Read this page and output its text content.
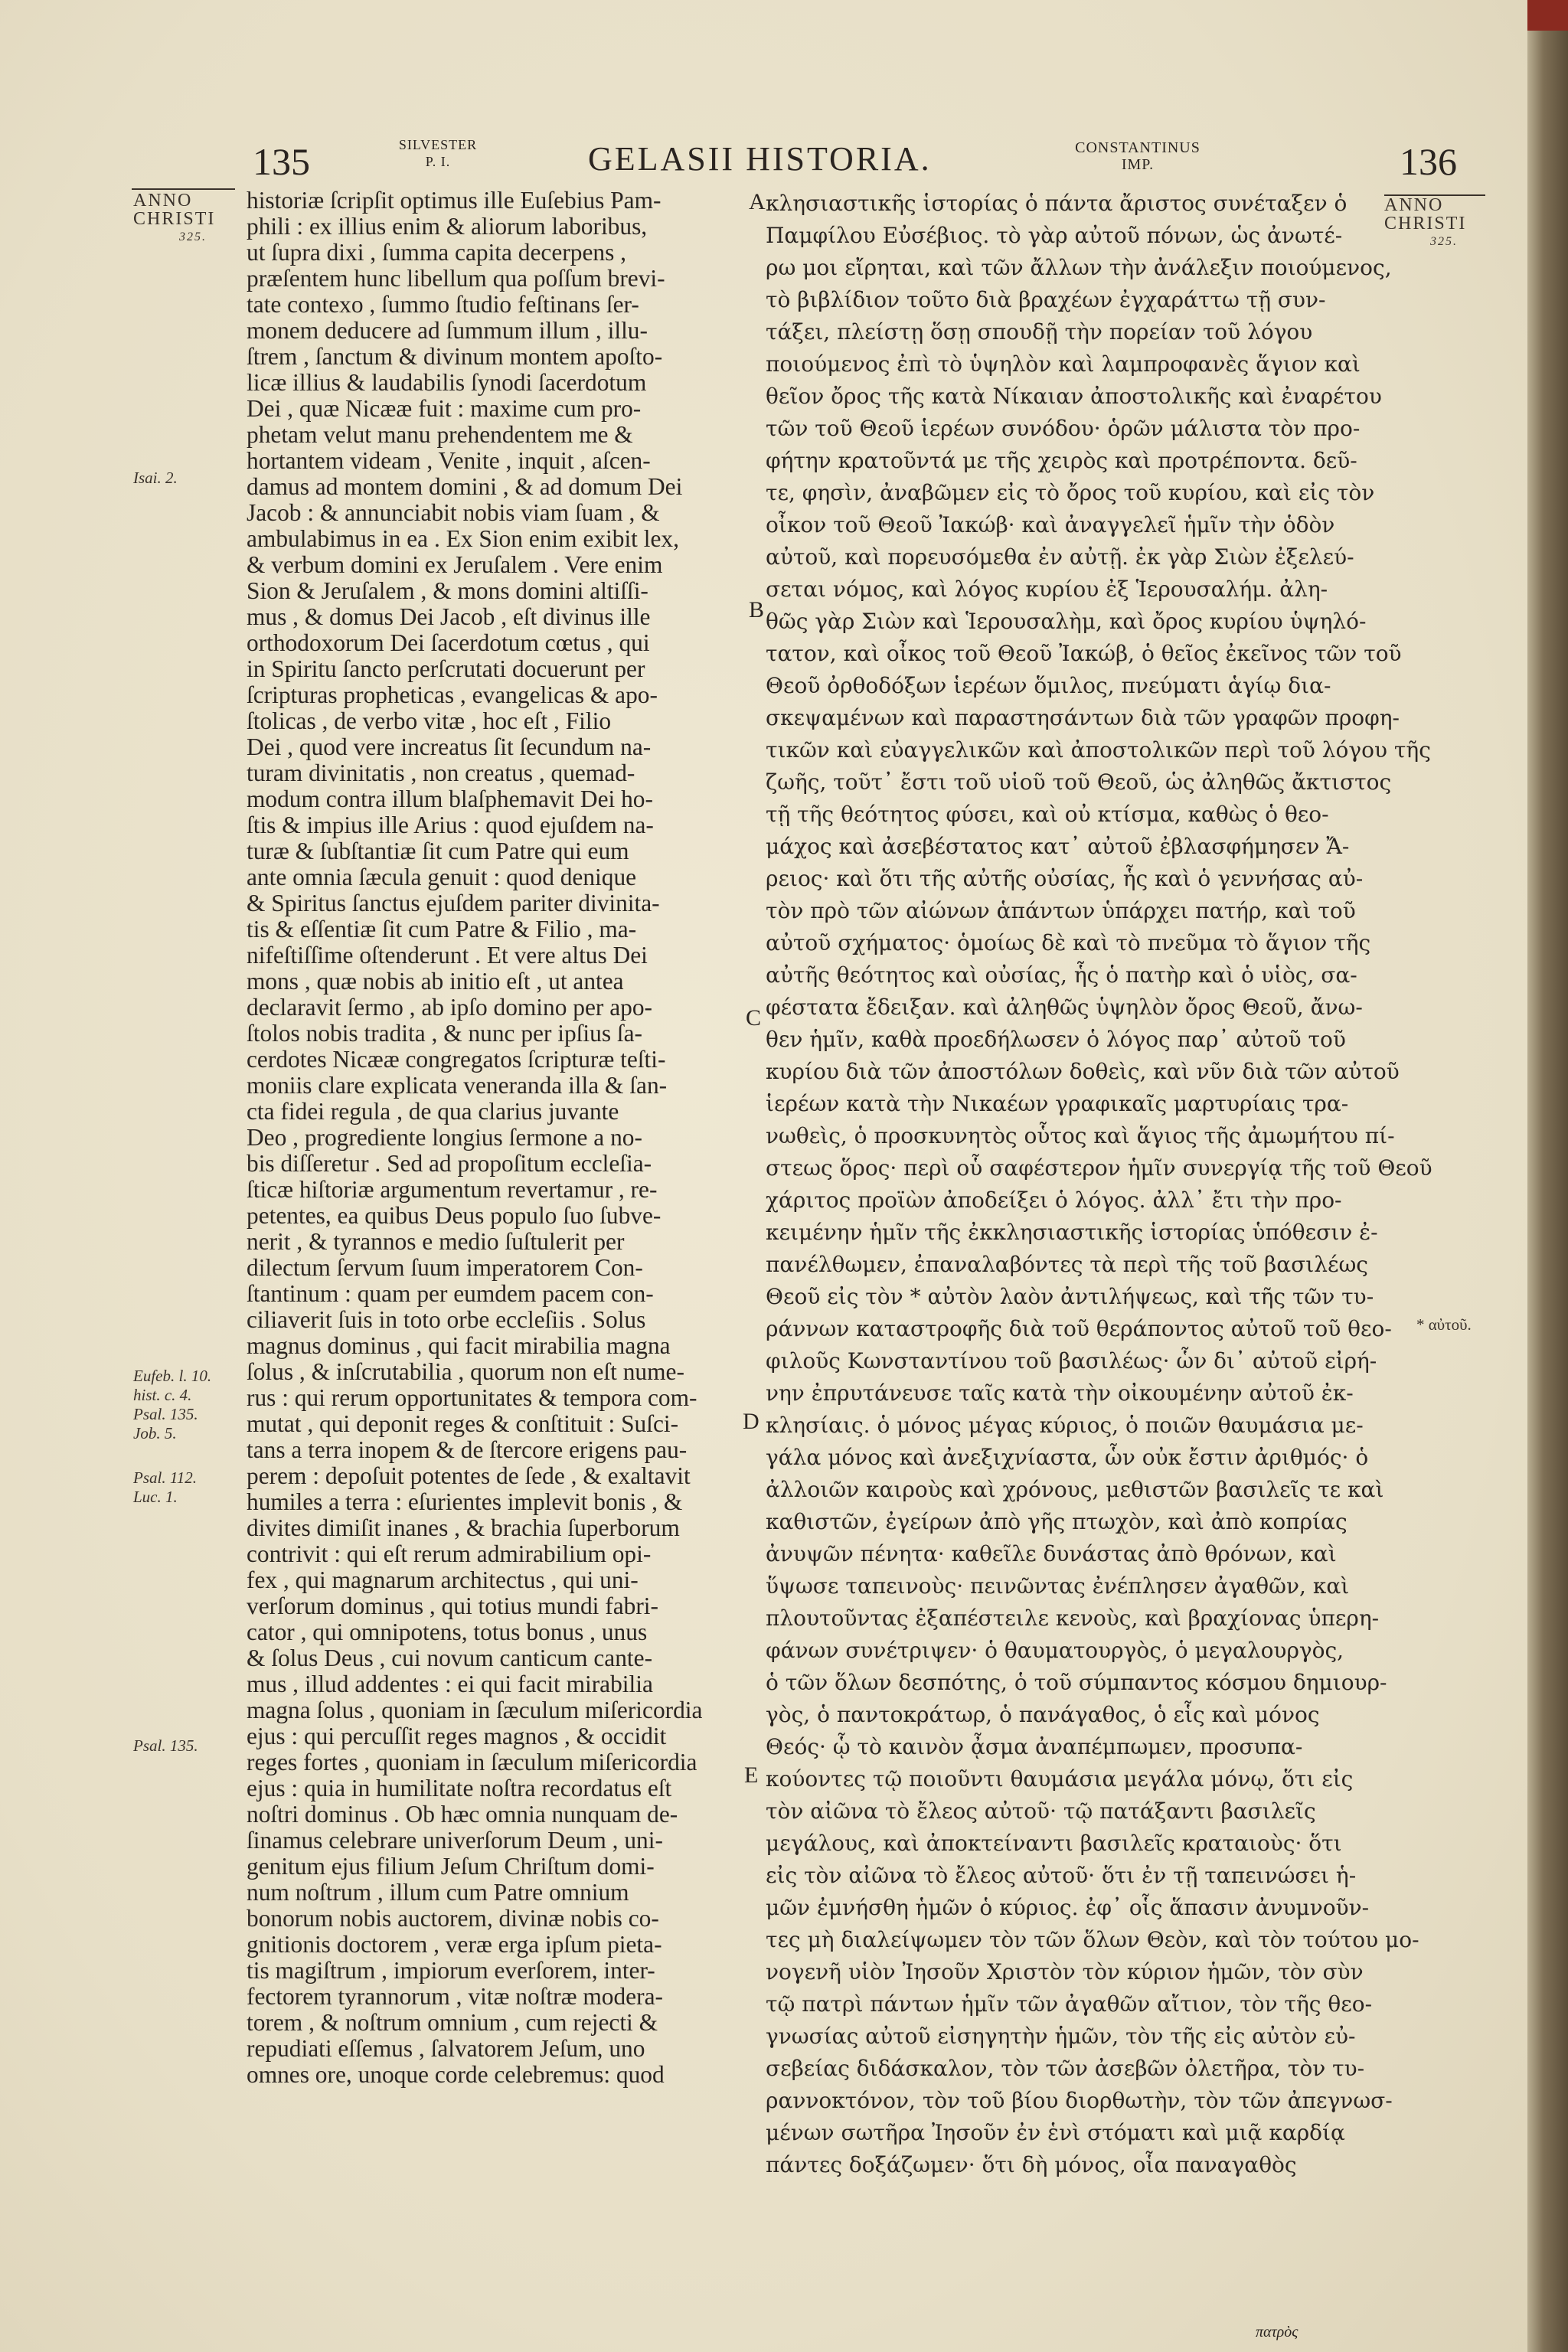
135	SILVESTER
P. I.	GELASII HISTORIA.	CONSTANTINUS
IMP.	136
ANNO
CHRISTI
325.
ANNO
CHRISTI
325.
Isai. 2.
Eufeb. l. 10.
hist. c. 4.
Psal. 135.
Job. 5.
Psal. 112.
Luc. 1.
Psal. 135.
* αὐτοῦ.
A
B
C
D
E
historiæ ſcripſit optimus ille Euſebius Pam-
phili : ex illius enim & aliorum laboribus,
ut ſupra dixi , ſumma capita decerpens ,
præſentem hunc libellum qua poſſum brevi-
tate contexo , ſummo ſtudio feſtinans ſer-
monem deducere ad ſummum illum , illu-
ſtrem , ſanctum & divinum montem apoſto-
licæ illius & laudabilis ſynodi ſacerdotum
Dei , quæ Nicææ fuit : maxime cum pro-
phetam velut manu prehendentem me &
hortantem videam , Venite , inquit , aſcen-
damus ad montem domini , & ad domum Dei
Jacob : & annunciabit nobis viam ſuam , &
ambulabimus in ea . Ex Sion enim exibit lex,
& verbum domini ex Jeruſalem . Vere enim
Sion & Jeruſalem , & mons domini altiſſi-
mus , & domus Dei Jacob , eſt divinus ille
orthodoxorum Dei ſacerdotum cœtus , qui
in Spiritu ſancto perſcrutati docuerunt per
ſcripturas propheticas , evangelicas & apo-
ſtolicas , de verbo vitæ , hoc eſt , Filio
Dei , quod vere increatus ſit ſecundum na-
turam divinitatis , non creatus , quemad-
modum contra illum blaſphemavit Dei ho-
ſtis & impius ille Arius : quod ejuſdem na-
turæ & ſubſtantiæ ſit cum Patre qui eum
ante omnia ſæcula genuit : quod denique
& Spiritus ſanctus ejuſdem pariter divinita-
tis & eſſentiæ ſit cum Patre & Filio , ma-
nifeſtiſſime oſtenderunt . Et vere altus Dei
mons , quæ nobis ab initio eſt , ut antea
declaravit ſermo , ab ipſo domino per apo-
ſtolos nobis tradita , & nunc per ipſius ſa-
cerdotes Nicææ congregatos ſcripturæ teſti-
moniis clare explicata veneranda illa & ſan-
cta fidei regula , de qua clarius juvante
Deo , progrediente longius ſermone a no-
bis diſſeretur . Sed ad propoſitum eccleſia-
ſticæ hiſtoriæ argumentum revertamur , re-
petentes, ea quibus Deus populo ſuo ſubve-
nerit , & tyrannos e medio ſuſtulerit per
dilectum ſervum ſuum imperatorem Con-
ſtantinum : quam per eumdem pacem con-
ciliaverit ſuis in toto orbe eccleſiis . Solus
magnus dominus , qui facit mirabilia magna
ſolus , & inſcrutabilia , quorum non eſt nume-
rus : qui rerum opportunitates & tempora com-
mutat , qui deponit reges & conſtituit : Suſci-
tans a terra inopem & de ſtercore erigens pau-
perem : depoſuit potentes de ſede , & exaltavit
humiles a terra : eſurientes implevit bonis , &
divites dimiſit inanes , & brachia ſuperborum
contrivit : qui eſt rerum admirabilium opi-
fex , qui magnarum architectus , qui uni-
verſorum dominus , qui totius mundi fabri-
cator , qui omnipotens, totus bonus , unus
& ſolus Deus , cui novum canticum cante-
mus , illud addentes : ei qui facit mirabilia
magna ſolus , quoniam in ſæculum miſericordia
ejus : qui percuſſit reges magnos , & occidit
reges fortes , quoniam in ſæculum miſericordia
ejus : quia in humilitate noſtra recordatus eſt
noſtri dominus . Ob hæc omnia nunquam de-
ſinamus celebrare univerſorum Deum , uni-
genitum ejus filium Jeſum Chriſtum domi-
num noſtrum , illum cum Patre omnium
bonorum nobis auctorem, divinæ nobis co-
gnitionis doctorem , veræ erga ipſum pieta-
tis magiſtrum , impiorum everſorem, inter-
fectorem tyrannorum , vitæ noſtræ modera-
torem , & noſtrum omnium , cum rejecti &
repudiati eſſemus , ſalvatorem Jeſum, uno
omnes ore, unoque corde celebremus: quod
κλησιαστικῆς ἱστορίας ὁ πάντα ἄριστος συνέταξεν ὁ
Παμφίλου Εὐσέβιος. τὸ γὰρ αὐτοῦ πόνων, ὡς ἀνωτέ-
ρω μοι εἴρηται, καὶ τῶν ἄλλων τὴν ἀνάλεξιν ποιούμενος,
τὸ βιβλίδιον τοῦτο διὰ βραχέων ἐγχαράττω τῇ συν-
τάξει, πλείστῃ ὅσῃ σπουδῇ τὴν πορείαν τοῦ λόγου
ποιούμενος ἐπὶ τὸ ὑψηλὸν καὶ λαμπροφανὲς ἅγιον καὶ
θεῖον ὄρος τῆς κατὰ Νίκαιαν ἀποστολικῆς καὶ ἐναρέτου
τῶν τοῦ Θεοῦ ἱερέων συνόδου· ὁρῶν μάλιστα τὸν προ-
φήτην κρατοῦντά με τῆς χειρὸς καὶ προτρέποντα. δεῦ-
τε, φησὶν, ἀναβῶμεν εἰς τὸ ὄρος τοῦ κυρίου, καὶ εἰς τὸν
οἶκον τοῦ Θεοῦ Ἰακώβ· καὶ ἀναγγελεῖ ἡμῖν τὴν ὁδὸν
αὐτοῦ, καὶ πορευσόμεθα ἐν αὐτῇ. ἐκ γὰρ Σιὼν ἐξελεύ-
σεται νόμος, καὶ λόγος κυρίου ἐξ Ἱερουσαλήμ. ἀλη-
θῶς γὰρ Σιὼν καὶ Ἱερουσαλὴμ, καὶ ὄρος κυρίου ὑψηλό-
τατον, καὶ οἶκος τοῦ Θεοῦ Ἰακώβ, ὁ θεῖος ἐκεῖνος τῶν τοῦ
Θεοῦ ὀρθοδόξων ἱερέων ὅμιλος, πνεύματι ἁγίῳ δια-
σκεψαμένων καὶ παραστησάντων διὰ τῶν γραφῶν προφη-
τικῶν καὶ εὐαγγελικῶν καὶ ἀποστολικῶν περὶ τοῦ λόγου τῆς
ζωῆς, τοῦτ᾽ ἔστι τοῦ υἱοῦ τοῦ Θεοῦ, ὡς ἀληθῶς ἄκτιστος
τῇ τῆς θεότητος φύσει, καὶ οὐ κτίσμα, καθὼς ὁ θεο-
μάχος καὶ ἀσεβέστατος κατ᾽ αὐτοῦ ἐβλασφήμησεν Ἄ-
ρειος· καὶ ὅτι τῆς αὐτῆς οὐσίας, ἧς καὶ ὁ γεννήσας αὐ-
τὸν πρὸ τῶν αἰώνων ἁπάντων ὑπάρχει πατήρ, καὶ τοῦ
αὐτοῦ σχήματος· ὁμοίως δὲ καὶ τὸ πνεῦμα τὸ ἅγιον τῆς
αὐτῆς θεότητος καὶ οὐσίας, ἧς ὁ πατὴρ καὶ ὁ υἱὸς, σα-
φέστατα ἔδειξαν. καὶ ἀληθῶς ὑψηλὸν ὄρος Θεοῦ, ἄνω-
θεν ἡμῖν, καθὰ προεδήλωσεν ὁ λόγος παρ᾽ αὐτοῦ τοῦ
κυρίου διὰ τῶν ἀποστόλων δοθεὶς, καὶ νῦν διὰ τῶν αὐτοῦ
ἱερέων κατὰ τὴν Νικαέων γραφικαῖς μαρτυρίαις τρα-
νωθεὶς, ὁ προσκυνητὸς οὗτος καὶ ἅγιος τῆς ἀμωμήτου πί-
στεως ὅρος· περὶ οὗ σαφέστερον ἡμῖν συνεργίᾳ τῆς τοῦ Θεοῦ
χάριτος προϊὼν ἀποδείξει ὁ λόγος. ἀλλ᾽ ἔτι τὴν προ-
κειμένην ἡμῖν τῆς ἐκκλησιαστικῆς ἱστορίας ὑπόθεσιν ἐ-
πανέλθωμεν, ἐπαναλαβόντες τὰ περὶ τῆς τοῦ βασιλέως
Θεοῦ εἰς τὸν * αὐτὸν λαὸν ἀντιλήψεως, καὶ τῆς τῶν τυ-
ράννων καταστροφῆς διὰ τοῦ θεράποντος αὐτοῦ τοῦ θεο-
φιλοῦς Κωνσταντίνου τοῦ βασιλέως· ὧν δι᾽ αὐτοῦ εἰρή-
νην ἐπρυτάνευσε ταῖς κατὰ τὴν οἰκουμένην αὐτοῦ ἐκ-
κλησίαις. ὁ μόνος μέγας κύριος, ὁ ποιῶν θαυμάσια με-
γάλα μόνος καὶ ἀνεξιχνίαστα, ὧν οὐκ ἔστιν ἀριθμός· ὁ
ἀλλοιῶν καιροὺς καὶ χρόνους, μεθιστῶν βασιλεῖς τε καὶ
καθιστῶν, ἐγείρων ἀπὸ γῆς πτωχὸν, καὶ ἀπὸ κοπρίας
ἀνυψῶν πένητα· καθεῖλε δυνάστας ἀπὸ θρόνων, καὶ
ὕψωσε ταπεινοὺς· πεινῶντας ἐνέπλησεν ἀγαθῶν, καὶ
πλουτοῦντας ἐξαπέστειλε κενοὺς, καὶ βραχίονας ὑπερη-
φάνων συνέτριψεν· ὁ θαυματουργὸς, ὁ μεγαλουργὸς,
ὁ τῶν ὅλων δεσπότης, ὁ τοῦ σύμπαντος κόσμου δημιουρ-
γὸς, ὁ παντοκράτωρ, ὁ πανάγαθος, ὁ εἷς καὶ μόνος
Θεός· ᾧ τὸ καινὸν ᾆσμα ἀναπέμπωμεν, προσυπα-
κούοντες τῷ ποιοῦντι θαυμάσια μεγάλα μόνῳ, ὅτι εἰς
τὸν αἰῶνα τὸ ἔλεος αὐτοῦ· τῷ πατάξαντι βασιλεῖς
μεγάλους, καὶ ἀποκτείναντι βασιλεῖς κραταιοὺς· ὅτι
εἰς τὸν αἰῶνα τὸ ἔλεος αὐτοῦ· ὅτι ἐν τῇ ταπεινώσει ἡ-
μῶν ἐμνήσθη ἡμῶν ὁ κύριος. ἐφ᾽ οἷς ἅπασιν ἀνυμνοῦν-
τες μὴ διαλείψωμεν τὸν τῶν ὅλων Θεὸν, καὶ τὸν τούτου μο-
νογενῆ υἱὸν Ἰησοῦν Χριστὸν τὸν κύριον ἡμῶν, τὸν σὺν
τῷ πατρὶ πάντων ἡμῖν τῶν ἀγαθῶν αἴτιον, τὸν τῆς θεο-
γνωσίας αὐτοῦ εἰσηγητὴν ἡμῶν, τὸν τῆς εἰς αὐτὸν εὐ-
σεβείας διδάσκαλον, τὸν τῶν ἀσεβῶν ὀλετῆρα, τὸν τυ-
ραννοκτόνον, τὸν τοῦ βίου διορθωτὴν, τὸν τῶν ἀπεγνωσ-
μένων σωτῆρα Ἰησοῦν ἐν ἑνὶ στόματι καὶ μιᾷ καρδίᾳ
πάντες δοξάζωμεν· ὅτι δὴ μόνος, οἷα παναγαθὸς
πατρὸς
